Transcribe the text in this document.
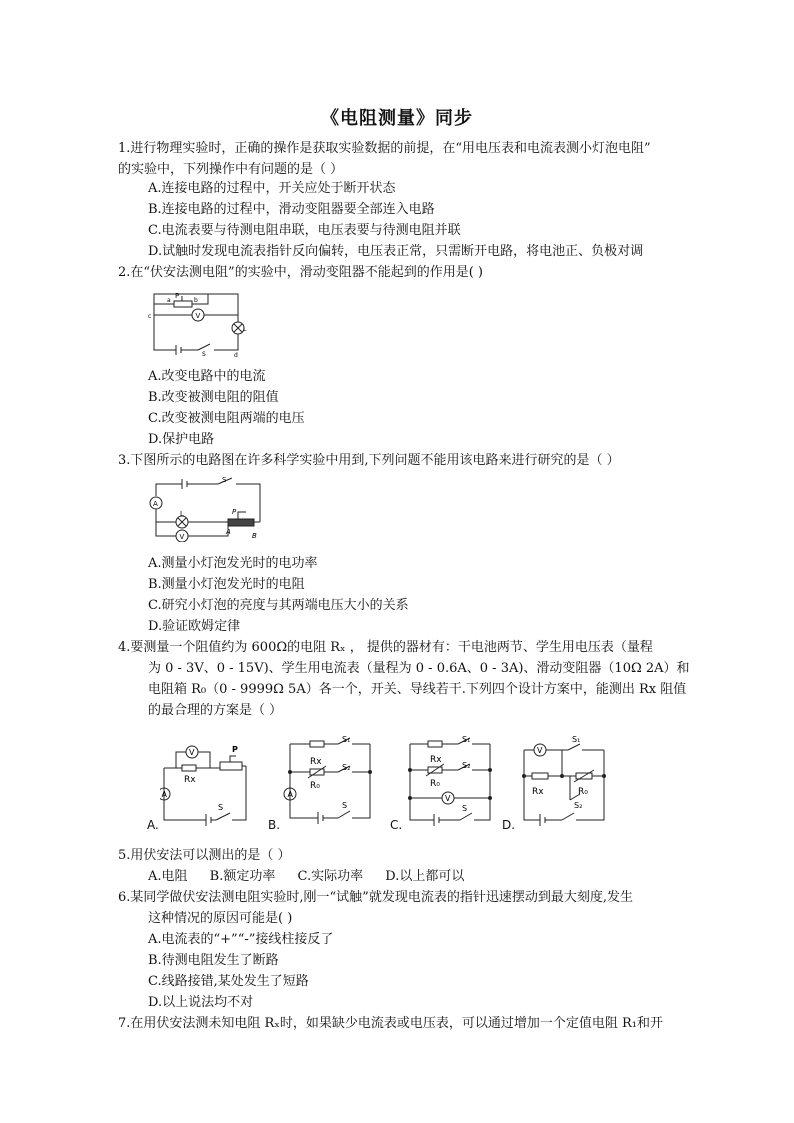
《电阻测量》同步
1.进行物理实验时，正确的操作是获取实验数据的前提，在“用电压表和电流表测小灯泡电阻”
的实验中，下列操作中有问题的是（ ）
A.连接电路的过程中，开关应处于断开状态
B.连接电路的过程中，滑动变阻器要全部连入电路
C.电流表要与待测电阻串联，电压表要与待测电阻并联
D.试触时发现电流表指针反向偏转，电压表正常，只需断开电路，将电池正、负极对调
2.在“伏安法测电阻”的实验中，滑动变阻器不能起到的作用是( )
P
a	b
c	V
L
S	d
A.改变电路中的电流
B.改变被测电阻的阻值
C.改变被测电阻两端的电压
D.保护电路
3.下图所示的电路图在许多科学实验中用到,下列问题不能用该电路来进行研究的是（ ）
A
S
L
V
P
A	B
A.测量小灯泡发光时的电功率
B.测量小灯泡发光时的电阻
C.研究小灯泡的亮度与其两端电压大小的关系
D.验证欧姆定律
4.要测量一个阻值约为 600Ω的电阻 Rₓ ， 提供的器材有：干电池两节、学生用电压表（量程
为 0 - 3V、0 - 15V)、学生用电流表（量程为 0 - 0.6A、0 - 3A)、滑动变阻器（10Ω 2A）和
电阻箱 R₀（0 - 9999Ω 5A）各一个，开关、导线若干.下列四个设计方案中，能测出 Rx 阻值
的最合理的方案是（ ）
V	P
Rx
A
S
S₁
Rx
S₂
R₀
A
S
S₁
Rx
S₂
R₀
V
S
V
S₁
Rx	R₀
S₂
A.	B.	C.	D.
5.用伏安法可以测出的是（ ）
A.电阻 B.额定功率 C.实际功率 D.以上都可以
6.某同学做伏安法测电阻实验时,刚一“试触”就发现电流表的指针迅速摆动到最大刻度,发生
这种情况的原因可能是( )
A.电流表的“+”“-”接线柱接反了
B.待测电阻发生了断路
C.线路接错,某处发生了短路
D.以上说法均不对
7.在用伏安法测未知电阻 Rₓ时，如果缺少电流表或电压表，可以通过增加一个定值电阻 R₁和开
